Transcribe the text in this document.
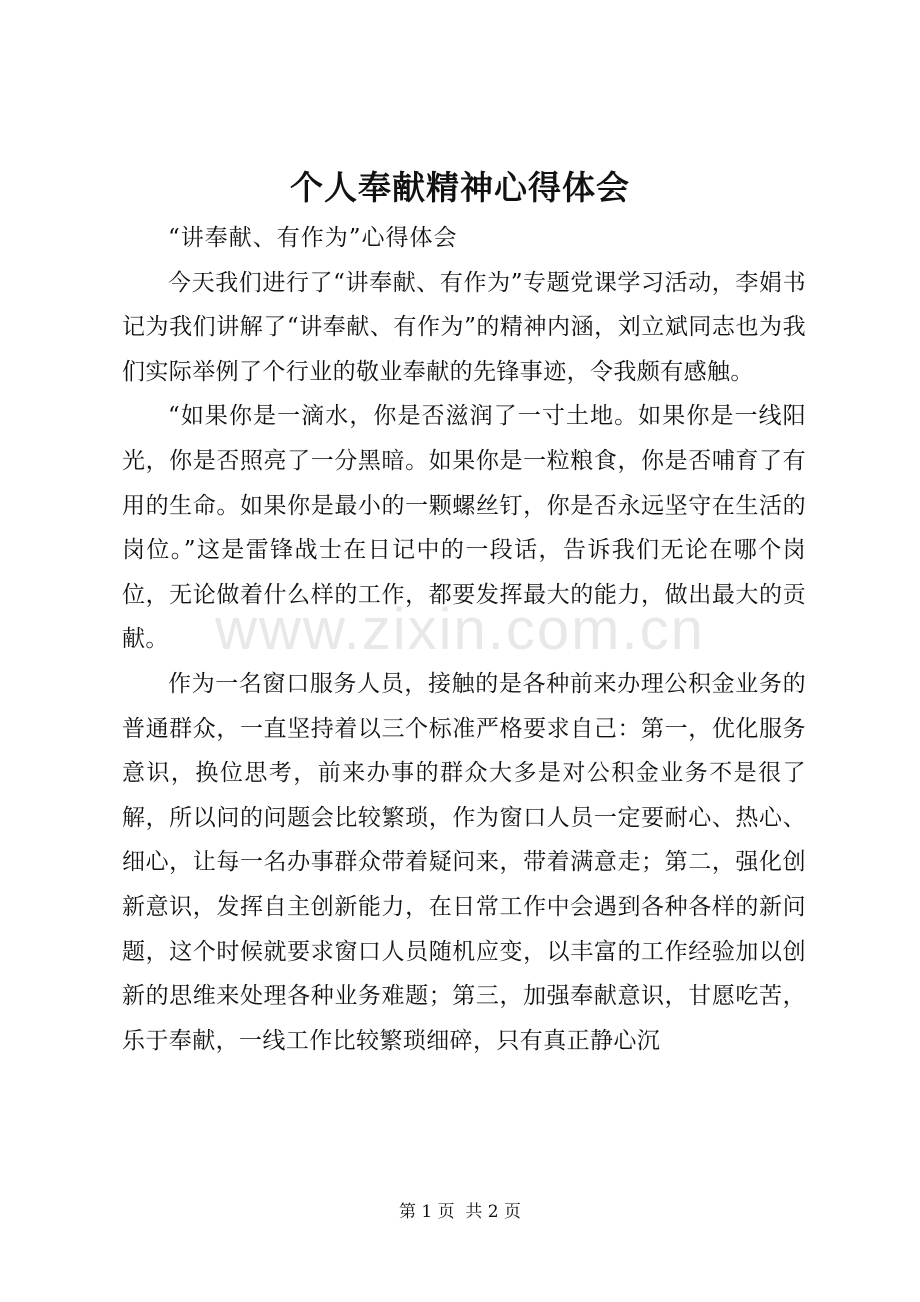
个人奉献精神心得体会

“讲奉献、有作为”心得体会

今天我们进行了“讲奉献、有作为”专题党课学习活动，李娟书记为我们讲解了“讲奉献、有作为”的精神内涵，刘立斌同志也为我们实际举例了个行业的敬业奉献的先锋事迹，令我颇有感触。

“如果你是一滴水，你是否滋润了一寸土地。如果你是一线阳光，你是否照亮了一分黑暗。如果你是一粒粮食，你是否哺育了有用的生命。如果你是最小的一颗螺丝钉，你是否永远坚守在生活的岗位。”这是雷锋战士在日记中的一段话，告诉我们无论在哪个岗位，无论做着什么样的工作，都要发挥最大的能力，做出最大的贡献。

作为一名窗口服务人员，接触的是各种前来办理公积金业务的普通群众，一直坚持着以三个标准严格要求自己：第一，优化服务意识，换位思考，前来办事的群众大多是对公积金业务不是很了解，所以问的问题会比较繁琐，作为窗口人员一定要耐心、热心、细心，让每一名办事群众带着疑问来，带着满意走；第二，强化创新意识，发挥自主创新能力，在日常工作中会遇到各种各样的新问题，这个时候就要求窗口人员随机应变，以丰富的工作经验加以创新的思维来处理各种业务难题；第三，加强奉献意识，甘愿吃苦，乐于奉献，一线工作比较繁琐细碎，只有真正静心沉

www.zixin.com.cn
第 1 页 共 2 页
